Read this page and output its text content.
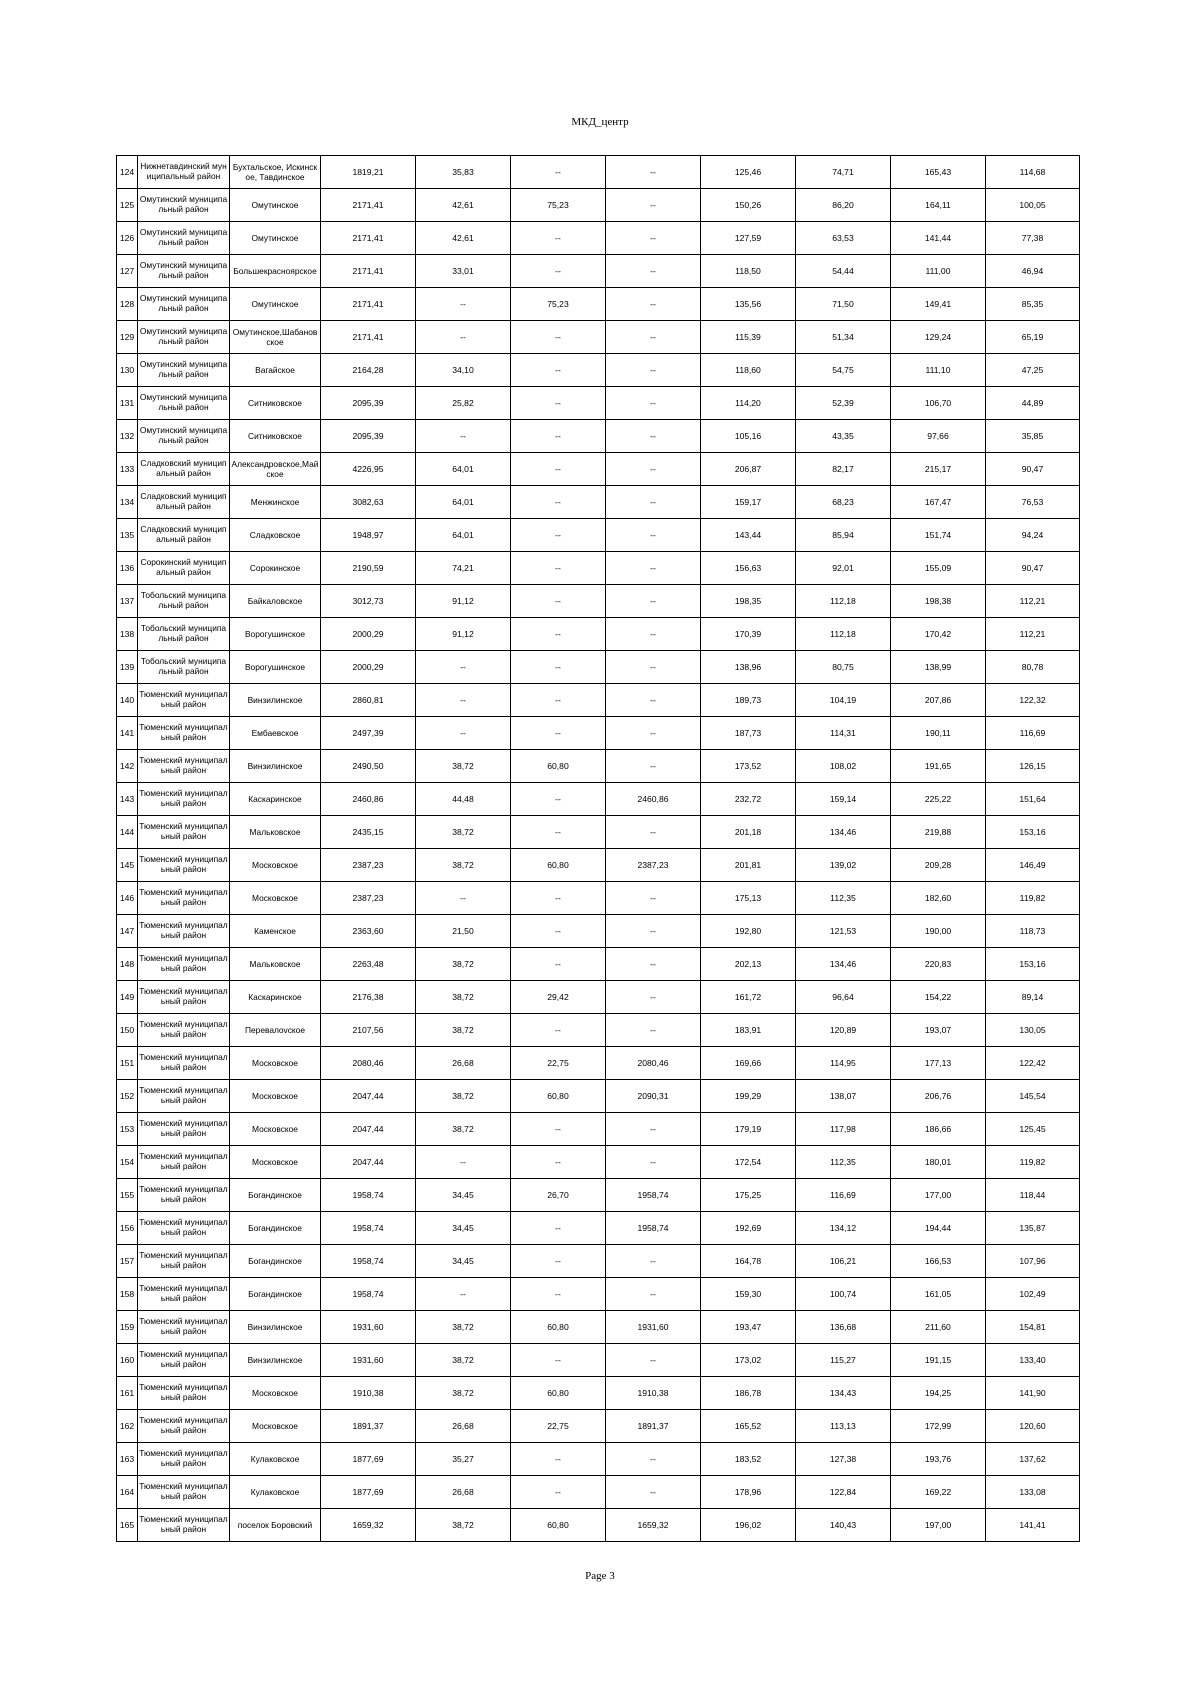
МКД_центр
124	Нижнетавдинский муниципальный район	Бухтальское, Искинское, Тавдинское	1819,21	35,83	--	--	125,46	74,71	165,43	114,68
125	Омутинский муниципальный район	Омутинское	2171,41	42,61	75,23	--	150,26	86,20	164,11	100,05
126	Омутинский муниципальный район	Омутинское	2171,41	42,61	--	--	127,59	63,53	141,44	77,38
127	Омутинский муниципальный район	Большекрасноярское	2171,41	33,01	--	--	118,50	54,44	111,00	46,94
128	Омутинский муниципальный район	Омутинское	2171,41	--	75,23	--	135,56	71,50	149,41	85,35
129	Омутинский муниципальный район	Омутинское,Шабановское	2171,41	--	--	--	115,39	51,34	129,24	65,19
130	Омутинский муниципальный район	Вагайское	2164,28	34,10	--	--	118,60	54,75	111,10	47,25
131	Омутинский муниципальный район	Ситниковское	2095,39	25,82	--	--	114,20	52,39	106,70	44,89
132	Омутинский муниципальный район	Ситниковское	2095,39	--	--	--	105,16	43,35	97,66	35,85
133	Сладковский муниципальный район	Александровское,Майское	4226,95	64,01	--	--	206,87	82,17	215,17	90,47
134	Сладковский муниципальный район	Менжинское	3082,63	64,01	--	--	159,17	68,23	167,47	76,53
135	Сладковский муниципальный район	Сладковское	1948,97	64,01	--	--	143,44	85,94	151,74	94,24
136	Сорокинский муниципальный район	Сорокинское	2190,59	74,21	--	--	156,63	92,01	155,09	90,47
137	Тобольский муниципальный район	Байкаловское	3012,73	91,12	--	--	198,35	112,18	198,38	112,21
138	Тобольский муниципальный район	Ворогушинское	2000,29	91,12	--	--	170,39	112,18	170,42	112,21
139	Тобольский муниципальный район	Ворогушинское	2000,29	--	--	--	138,96	80,75	138,99	80,78
140	Тюменский муниципальный район	Винзилинское	2860,81	--	--	--	189,73	104,19	207,86	122,32
141	Тюменский муниципальный район	Ембаевское	2497,39	--	--	--	187,73	114,31	190,11	116,69
142	Тюменский муниципальный район	Винзилинское	2490,50	38,72	60,80	--	173,52	108,02	191,65	126,15
143	Тюменский муниципальный район	Каскаринское	2460,86	44,48	--	2460,86	232,72	159,14	225,22	151,64
144	Тюменский муниципальный район	Мальковское	2435,15	38,72	--	--	201,18	134,46	219,88	153,16
145	Тюменский муниципальный район	Московское	2387,23	38,72	60,80	2387,23	201,81	139,02	209,28	146,49
146	Тюменский муниципальный район	Московское	2387,23	--	--	--	175,13	112,35	182,60	119,82
147	Тюменский муниципальный район	Каменское	2363,60	21,50	--	--	192,80	121,53	190,00	118,73
148	Тюменский муниципальный район	Мальковское	2263,48	38,72	--	--	202,13	134,46	220,83	153,16
149	Тюменский муниципальный район	Каскаринское	2176,38	38,72	29,42	--	161,72	96,64	154,22	89,14
150	Тюменский муниципальный район	Перевалovское	2107,56	38,72	--	--	183,91	120,89	193,07	130,05
151	Тюменский муниципальный район	Московское	2080,46	26,68	22,75	2080,46	169,66	114,95	177,13	122,42
152	Тюменский муниципальный район	Московское	2047,44	38,72	60,80	2090,31	199,29	138,07	206,76	145,54
153	Тюменский муниципальный район	Московское	2047,44	38,72	--	--	179,19	117,98	186,66	125,45
154	Тюменский муниципальный район	Московское	2047,44	--	--	--	172,54	112,35	180,01	119,82
155	Тюменский муниципальный район	Богандинское	1958,74	34,45	26,70	1958,74	175,25	116,69	177,00	118,44
156	Тюменский муниципальный район	Богандинское	1958,74	34,45	--	1958,74	192,69	134,12	194,44	135,87
157	Тюменский муниципальный район	Богандинское	1958,74	34,45	--	--	164,78	106,21	166,53	107,96
158	Тюменский муниципальный район	Богандинское	1958,74	--	--	--	159,30	100,74	161,05	102,49
159	Тюменский муниципальный район	Винзилинское	1931,60	38,72	60,80	1931,60	193,47	136,68	211,60	154,81
160	Тюменский муниципальный район	Винзилинское	1931,60	38,72	--	--	173,02	115,27	191,15	133,40
161	Тюменский муниципальный район	Московское	1910,38	38,72	60,80	1910,38	186,78	134,43	194,25	141,90
162	Тюменский муниципальный район	Московское	1891,37	26,68	22,75	1891,37	165,52	113,13	172,99	120,60
163	Тюменский муниципальный район	Кулаковское	1877,69	35,27	--	--	183,52	127,38	193,76	137,62
164	Тюменский муниципальный район	Кулаковское	1877,69	26,68	--	--	178,96	122,84	169,22	133,08
165	Тюменский муниципальный район	поселок Боровский	1659,32	38,72	60,80	1659,32	196,02	140,43	197,00	141,41
Page 3
